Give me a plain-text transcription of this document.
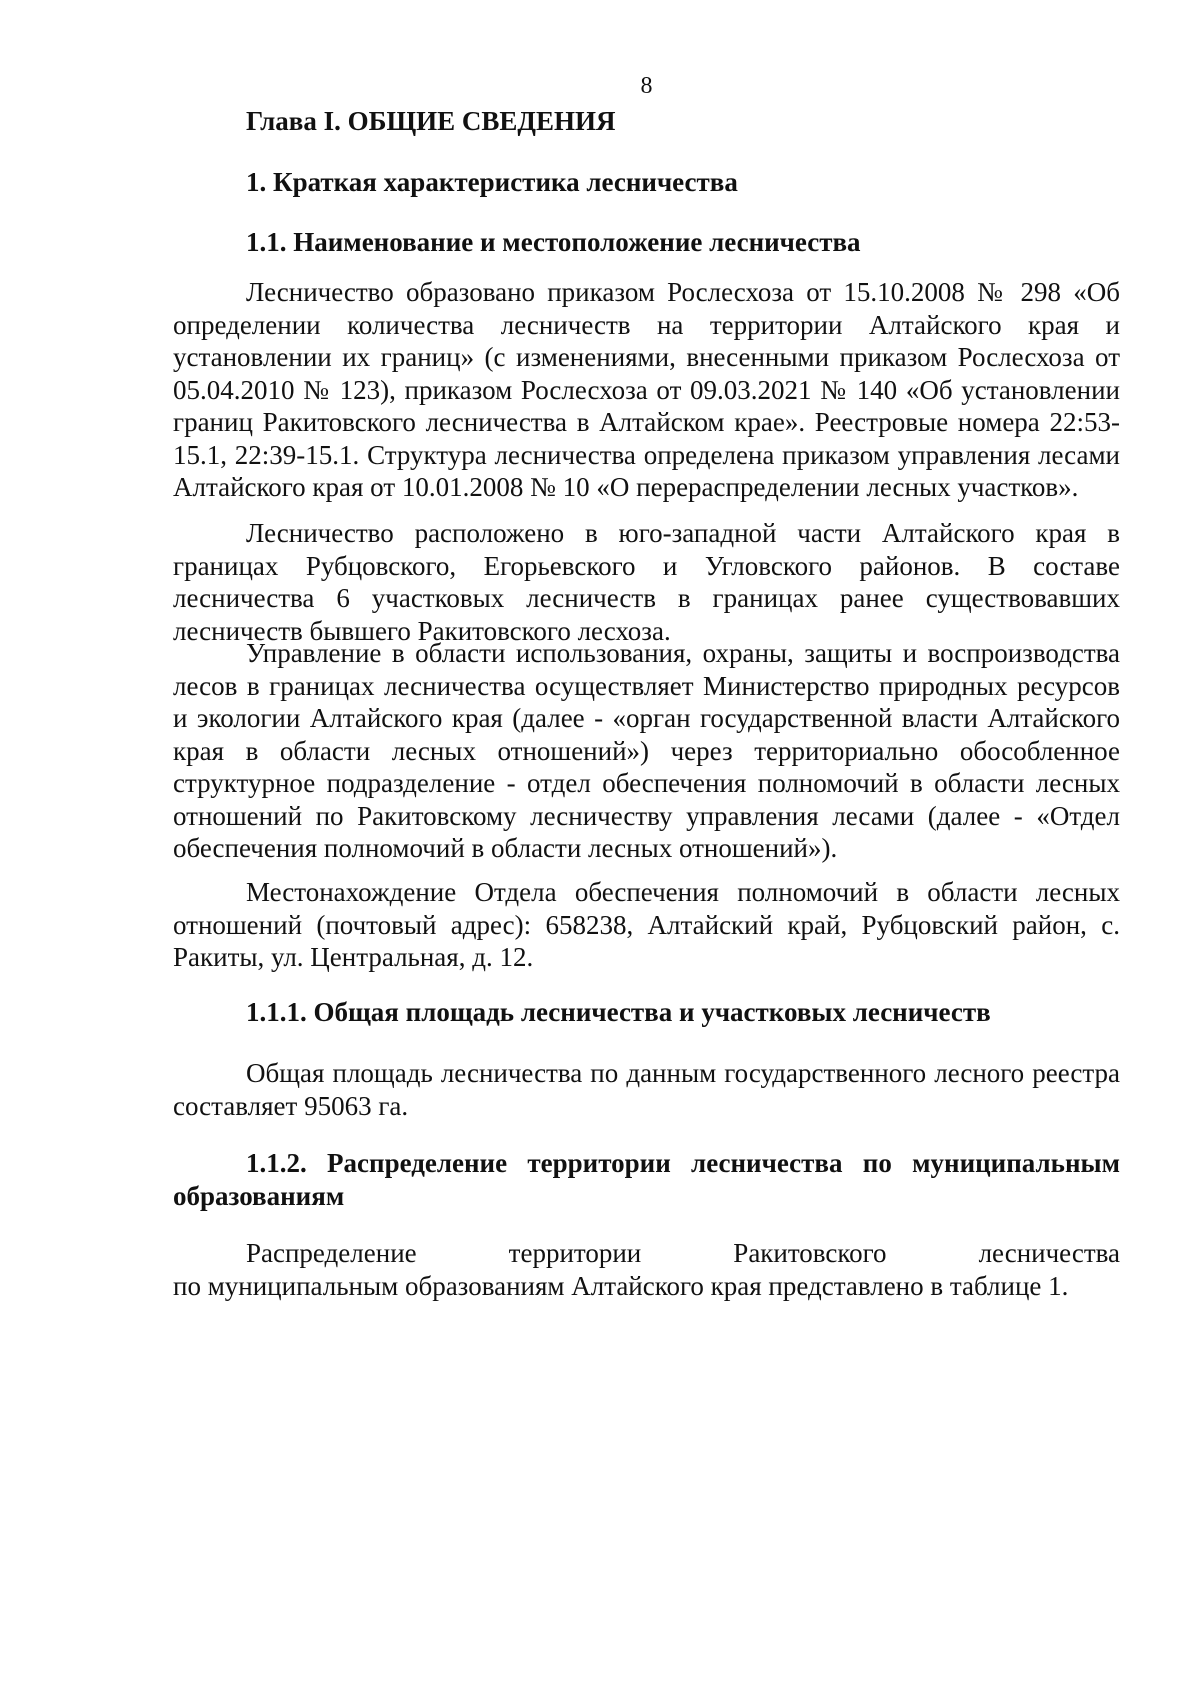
8
Глава I. ОБЩИЕ СВЕДЕНИЯ
1. Краткая характеристика лесничества
1.1. Наименование и местоположение лесничества
Лесничество образовано приказом Рослесхоза от 15.10.2008 № 298 «Об определении количества лесничеств на территории Алтайского края и установлении их границ» (с изменениями, внесенными приказом Рослесхоза от 05.04.2010 № 123), приказом Рослесхоза от 09.03.2021 № 140 «Об установлении границ Ракитовского лесничества в Алтайском крае». Реестровые номера 22:53-15.1, 22:39-15.1. Структура лесничества определена приказом управления лесами Алтайского края от 10.01.2008 № 10 «О перераспределении лесных участков».
Лесничество расположено в юго-западной части Алтайского края в границах Рубцовского, Егорьевского и Угловского районов. В составе лесничества 6 участковых лесничеств в границах ранее существовавших лесничеств бывшего Ракитовского лесхоза.
Управление в области использования, охраны, защиты и воспроизводства лесов в границах лесничества осуществляет Министерство природных ресурсов и экологии Алтайского края (далее - «орган государственной власти Алтайского края в области лесных отношений») через территориально обособленное структурное подразделение - отдел обеспечения полномочий в области лесных отношений по Ракитовскому лесничеству управления лесами (далее - «Отдел обеспечения полномочий в области лесных отношений»).
Местонахождение Отдела обеспечения полномочий в области лесных отношений (почтовый адрес): 658238, Алтайский край, Рубцовский район, с. Ракиты, ул. Центральная, д. 12.
1.1.1. Общая площадь лесничества и участковых лесничеств
Общая площадь лесничества по данным государственного лесного реестра составляет 95063 га.
1.1.2. Распределение территории лесничества по муниципальным образованиям
Распределение территории Ракитовского лесничества
по муниципальным образованиям Алтайского края представлено в таблице 1.
